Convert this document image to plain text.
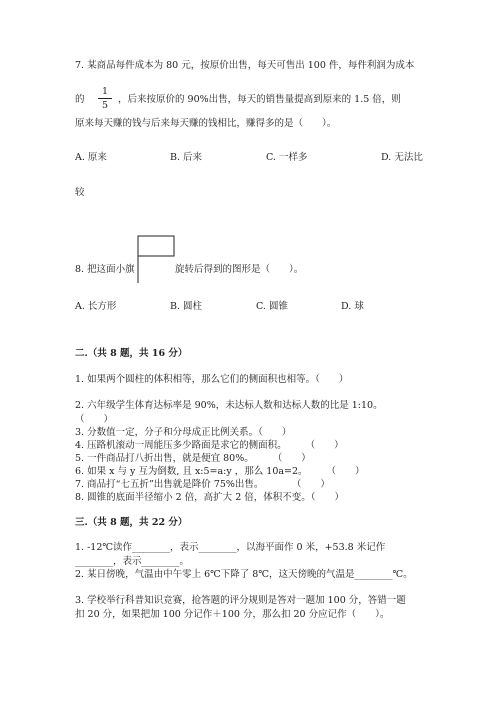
7. 某商品每件成本为 80 元，按原价出售，每天可售出 100 件，每件利润为成本
的 $\frac{1}{5}$ ，后来按原价的 90%出售，每天的销售量提高到原来的 1.5 倍，则
原来每天赚的钱与后来每天赚的钱相比，赚得多的是（　　）。
A. 原来	B. 后来	C. 一样多	D. 无法比
较
8. 把这面小旗	旋转后得到的图形是（　　）。
A. 长方形	B. 圆柱	C. 圆锥	D. 球
二.（共 8 题，共 16 分）
1. 如果两个圆柱的体积相等，那么它们的侧面积也相等。（　　）
2. 六年级学生体育达标率是 90%，未达标人数和达标人数的比是 1:10。
（　　）
3. 分数值一定，分子和分母成正比例关系。（　　）
4. 压路机滚动一周能压多少路面是求它的侧面积。　　　（　　）
5. 一件商品打八折出售，就是便宜 80%。　　　（　　）
6. 如果 x 与 y 互为倒数, 且 x:5=a:y ，那么 10a=2。　　　（　　）
7. 商品打“七五折”出售就是降价 75%出售。　　　　（　　）
8. 圆锥的底面半径缩小 2 倍，高扩大 2 倍，体积不变。（　　）
三.（共 8 题，共 22 分）
1. -12℃读作________，表示________，以海平面作 0 米，+53.8 米记作
________，表示________。
2. 某日傍晚，气温由中午零上 6℃下降了 8℃，这天傍晚的气温是________℃。
3. 学校举行科普知识竞赛，抢答题的评分规则是答对一题加 100 分，答错一题
扣 20 分，如果把加 100 分记作＋100 分，那么扣 20 分应记作（　　）。
